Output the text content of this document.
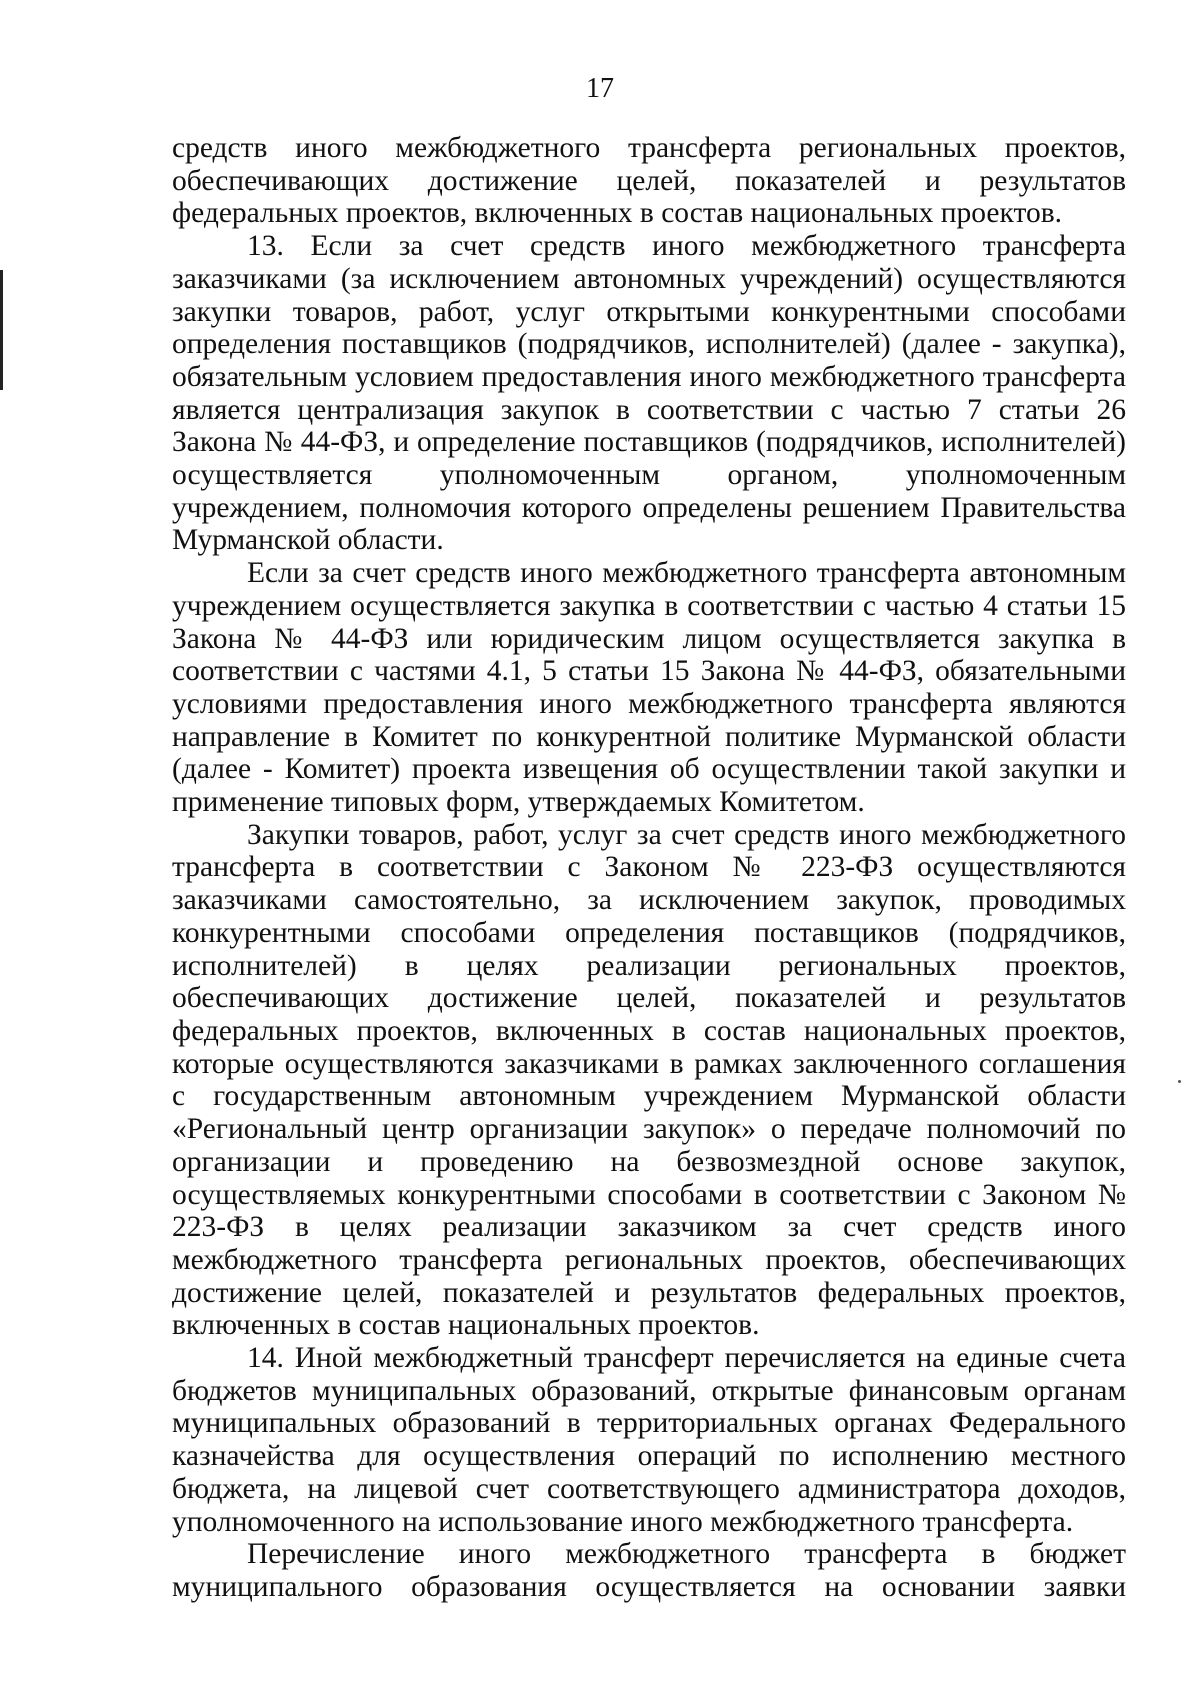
17

средств иного межбюджетного трансферта региональных проектов, обеспечивающих достижение целей, показателей и результатов федеральных проектов, включенных в состав национальных проектов.

13. Если за счет средств иного межбюджетного трансферта заказчиками (за исключением автономных учреждений) осуществляются закупки товаров, работ, услуг открытыми конкурентными способами определения поставщиков (подрядчиков, исполнителей) (далее - закупка), обязательным условием предоставления иного межбюджетного трансферта является централизация закупок в соответствии с частью 7 статьи 26 Закона № 44-ФЗ, и определение поставщиков (подрядчиков, исполнителей) осуществляется уполномоченным органом, уполномоченным учреждением, полномочия которого определены решением Правительства Мурманской области.

Если за счет средств иного межбюджетного трансферта автономным учреждением осуществляется закупка в соответствии с частью 4 статьи 15 Закона № 44-ФЗ или юридическим лицом осуществляется закупка в соответствии с частями 4.1, 5 статьи 15 Закона № 44-ФЗ, обязательными условиями предоставления иного межбюджетного трансферта являются направление в Комитет по конкурентной политике Мурманской области (далее - Комитет) проекта извещения об осуществлении такой закупки и применение типовых форм, утверждаемых Комитетом.

Закупки товаров, работ, услуг за счет средств иного межбюджетного трансферта в соответствии с Законом № 223-ФЗ осуществляются заказчиками самостоятельно, за исключением закупок, проводимых конкурентными способами определения поставщиков (подрядчиков, исполнителей) в целях реализации региональных проектов, обеспечивающих достижение целей, показателей и результатов федеральных проектов, включенных в состав национальных проектов, которые осуществляются заказчиками в рамках заключенного соглашения с государственным автономным учреждением Мурманской области «Региональный центр организации закупок» о передаче полномочий по организации и проведению на безвозмездной основе закупок, осуществляемых конкурентными способами в соответствии с Законом № 223-ФЗ в целях реализации заказчиком за счет средств иного межбюджетного трансферта региональных проектов, обеспечивающих достижение целей, показателей и результатов федеральных проектов, включенных в состав национальных проектов.

14. Иной межбюджетный трансферт перечисляется на единые счета бюджетов муниципальных образований, открытые финансовым органам муниципальных образований в территориальных органах Федерального казначейства для осуществления операций по исполнению местного бюджета, на лицевой счет соответствующего администратора доходов, уполномоченного на использование иного межбюджетного трансферта.

Перечисление иного межбюджетного трансферта в бюджет муниципального образования осуществляется на основании заявки
